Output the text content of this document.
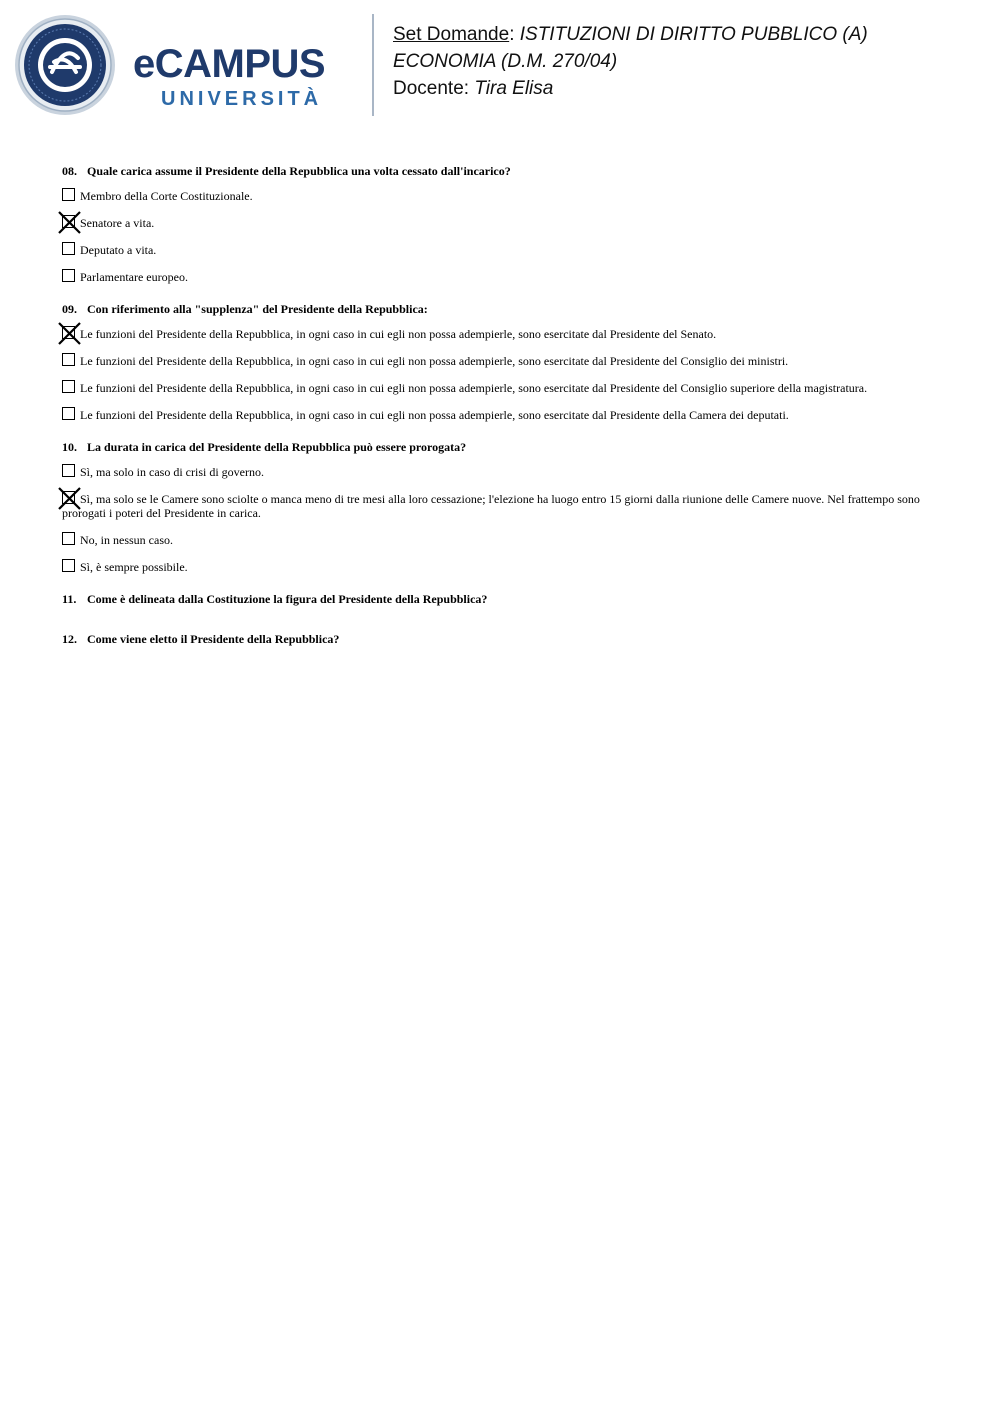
eCAMPUS
UNIVERSITÀ
Set Domande: ISTITUZIONI DI DIRITTO PUBBLICO (A)
ECONOMIA (D.M. 270/04)
Docente: Tira Elisa
08. Quale carica assume il Presidente della Repubblica una volta cessato dall'incarico?
Membro della Corte Costituzionale.
Senatore a vita.
Deputato a vita.
Parlamentare europeo.
09. Con riferimento alla "supplenza" del Presidente della Repubblica:
Le funzioni del Presidente della Repubblica, in ogni caso in cui egli non possa adempierle, sono esercitate dal Presidente del Senato.
Le funzioni del Presidente della Repubblica, in ogni caso in cui egli non possa adempierle, sono esercitate dal Presidente del Consiglio dei ministri.
Le funzioni del Presidente della Repubblica, in ogni caso in cui egli non possa adempierle, sono esercitate dal Presidente del Consiglio superiore della magistratura.
Le funzioni del Presidente della Repubblica, in ogni caso in cui egli non possa adempierle, sono esercitate dal Presidente della Camera dei deputati.
10. La durata in carica del Presidente della Repubblica può essere prorogata?
Sì, ma solo in caso di crisi di governo.
Sì, ma solo se le Camere sono sciolte o manca meno di tre mesi alla loro cessazione; l'elezione ha luogo entro 15 giorni dalla riunione delle Camere nuove. Nel frattempo sono prorogati i poteri del Presidente in carica.
No, in nessun caso.
Sì, è sempre possibile.
11. Come è delineata dalla Costituzione la figura del Presidente della Repubblica?
12. Come viene eletto il Presidente della Repubblica?
